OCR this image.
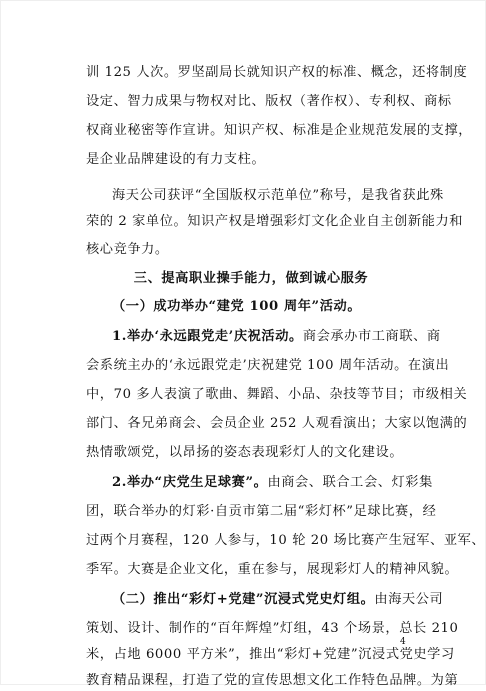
训 125 人次。罗坚副局长就知识产权的标准、概念，还将制度
设定、智力成果与物权对比、版权（著作权）、专利权、商标
权商业秘密等作宣讲。知识产权、标准是企业规范发展的支撑，
是企业品牌建设的有力支柱。
海天公司获评“全国版权示范单位”称号，是我省获此殊
荣的 2 家单位。知识产权是增强彩灯文化企业自主创新能力和
核心竞争力。
三、提高职业操手能力，做到诚心服务
（一）成功举办“建党 100 周年”活动。
1.举办‘永远跟党走’庆祝活动。商会承办市工商联、商
会系统主办的‘永远跟党走’庆祝建党 100 周年活动。在演出
中，70 多人表演了歌曲、舞蹈、小品、杂技等节目；市级相关
部门、各兄弟商会、会员企业 252 人观看演出；大家以饱满的
热情歌颂党，以昂扬的姿态表现彩灯人的文化建设。
2.举办“庆党生足球赛”。由商会、联合工会、灯彩集
团，联合举办的灯彩·自贡市第二届“彩灯杯”足球比赛，经
过两个月赛程，120 人参与，10 轮 20 场比赛产生冠军、亚军、
季军。大赛是企业文化，重在参与，展现彩灯人的精神风貌。
（二）推出“彩灯+党建”沉浸式党史灯组。由海天公司
策划、设计、制作的“百年辉煌”灯组，43 个场景，总长 210
米，占地 6000 平方米”，推出“彩灯+党建”沉浸式党史学习
教育精品课程，打造了党的宣传思想文化工作特色品牌。为第
4
